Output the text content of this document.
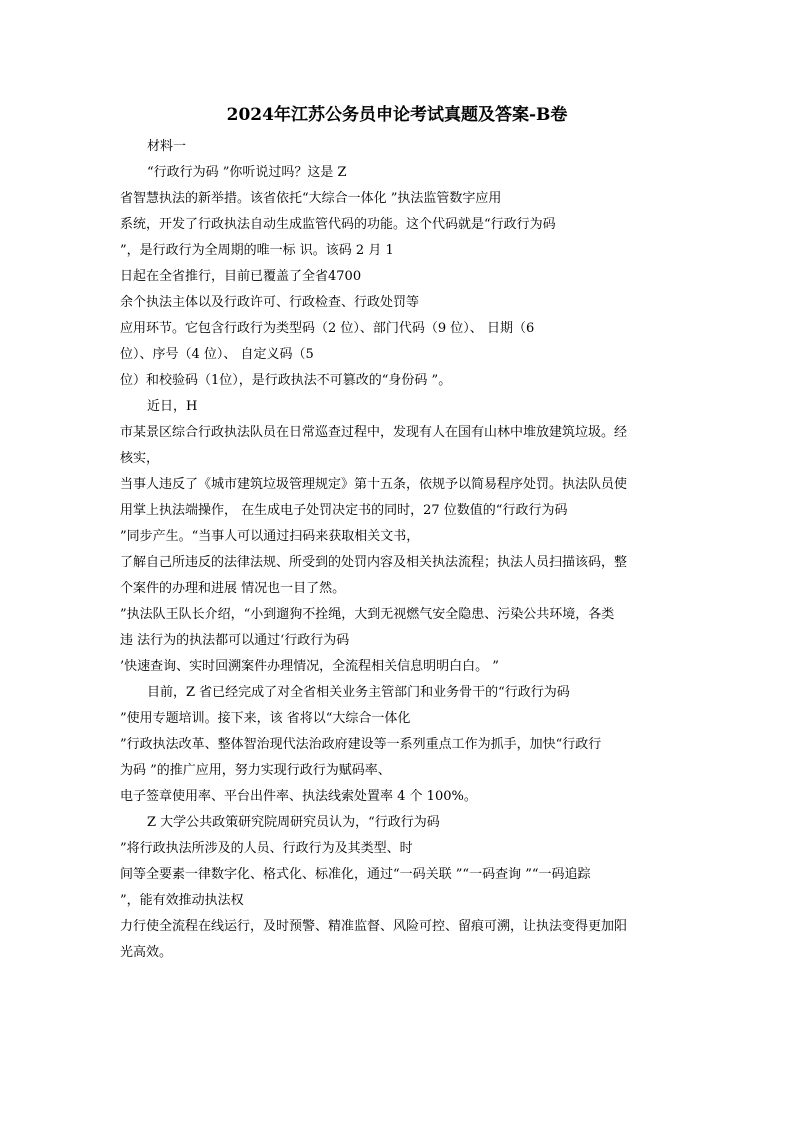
2024年江苏公务员申论考试真题及答案-B卷
材料一
“行政行为码 ”你听说过吗？这是 Z
省智慧执法的新举措。该省依托“大综合一体化 ”执法监管数字应用
系统，开发了行政执法自动生成监管代码的功能。这个代码就是“行政行为码
”，是行政行为全周期的唯一标 识。该码 2 月 1
日起在全省推行，目前已覆盖了全省4700
余个执法主体以及行政许可、行政检查、行政处罚等
应用环节。它包含行政行为类型码（2 位）、部门代码（9 位）、 日期（6
位）、序号（4 位）、 自定义码（5
位）和校验码（1位），是行政执法不可篡改的“身份码 ”。
近日，H
市某景区综合行政执法队员在日常巡查过程中，发现有人在国有山林中堆放建筑垃圾。经
核实，
当事人违反了《城市建筑垃圾管理规定》第十五条，依规予以简易程序处罚。执法队员使
用掌上执法端操作， 在生成电子处罚决定书的同时，27 位数值的“行政行为码
”同步产生。“当事人可以通过扫码来获取相关文书，
了解自己所违反的法律法规、所受到的处罚内容及相关执法流程；执法人员扫描该码，整
个案件的办理和进展 情况也一目了然。
”执法队王队长介绍，“小到遛狗不拴绳，大到无视燃气安全隐患、污染公共环境，各类
违 法行为的执法都可以通过‘行政行为码
’快速查询、实时回溯案件办理情况，全流程相关信息明明白白。 ”
目前，Z 省已经完成了对全省相关业务主管部门和业务骨干的“行政行为码
”使用专题培训。接下来，该 省将以“大综合一体化
”行政执法改革、整体智治现代法治政府建设等一系列重点工作为抓手，加快“行政行
为码 ”的推广应用，努力实现行政行为赋码率、
电子签章使用率、平台出件率、执法线索处置率 4 个 100%。
Z 大学公共政策研究院周研究员认为，“行政行为码
”将行政执法所涉及的人员、行政行为及其类型、时
间等全要素一律数字化、格式化、标准化，通过“一码关联 ”“一码查询 ”“一码追踪
”，能有效推动执法权
力行使全流程在线运行，及时预警、精准监督、风险可控、留痕可溯，让执法变得更加阳
光高效。
